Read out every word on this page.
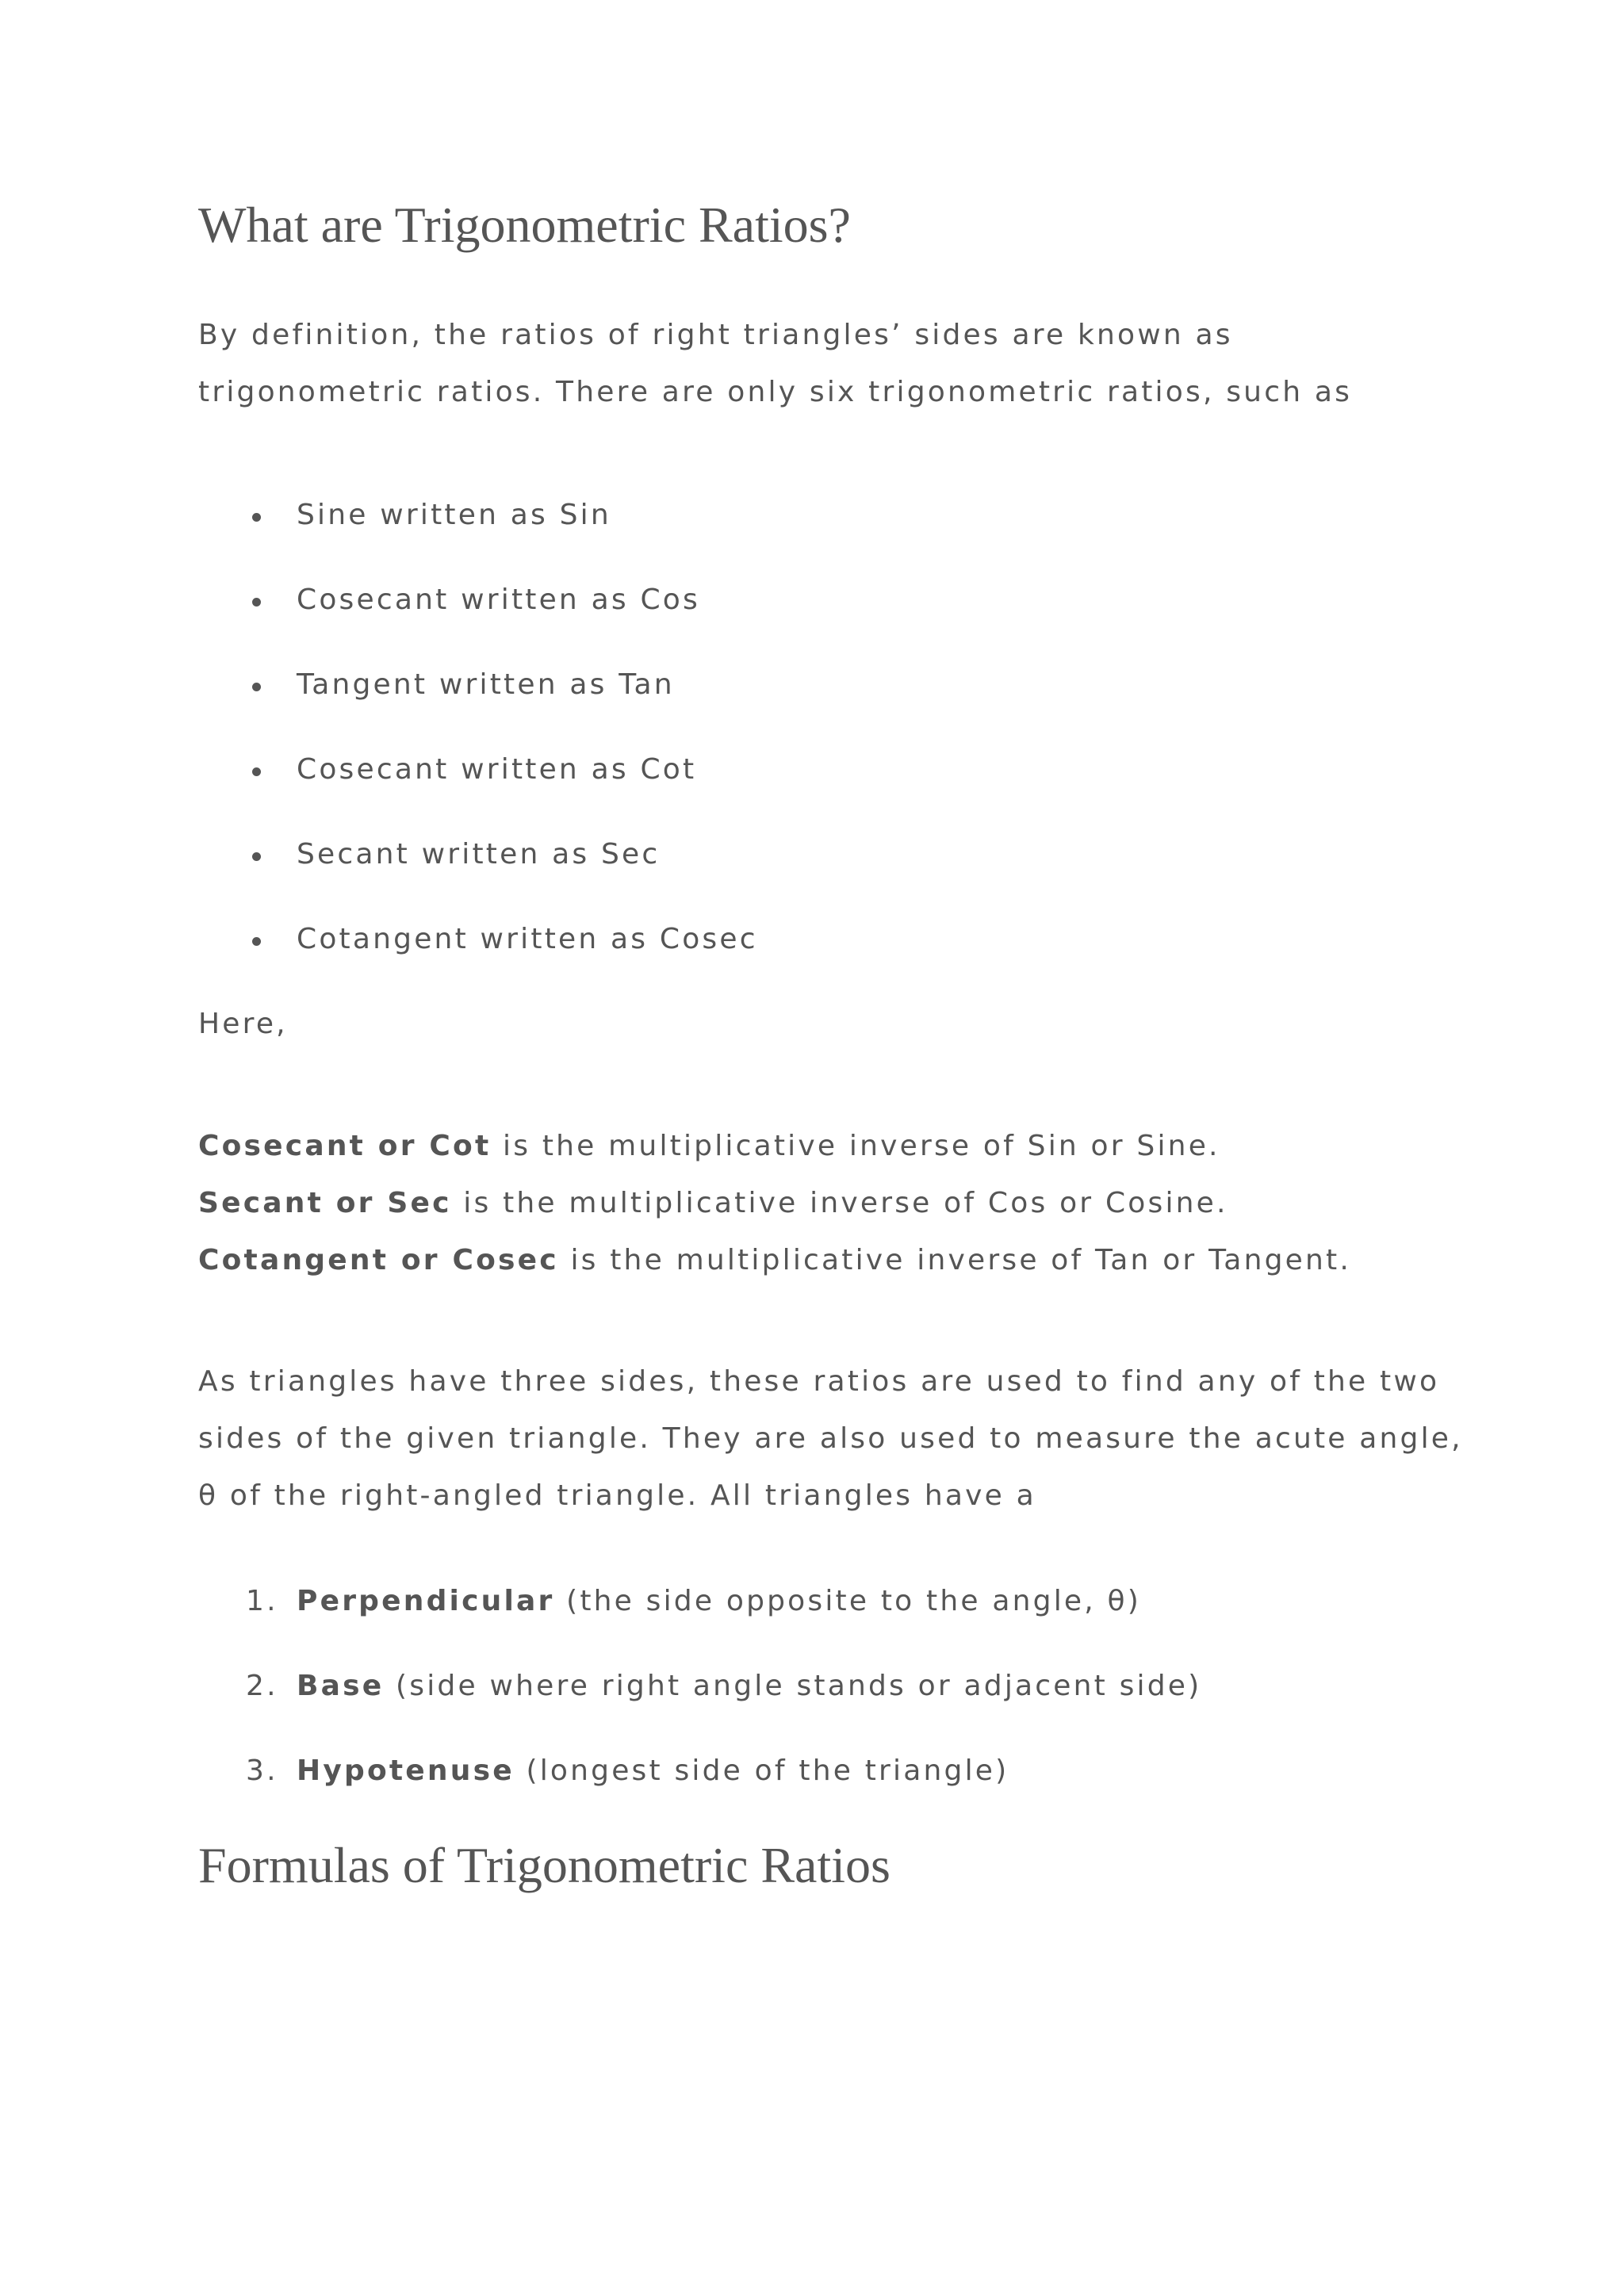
What are Trigonometric Ratios?

By definition, the ratios of right triangles’ sides are known as

trigonometric ratios. There are only six trigonometric ratios, such as

Sine written as Sin
Cosecant written as Cos
Tangent written as Tan
Cosecant written as Cot
Secant written as Sec
Cotangent written as Cosec

Here,

Cosecant or Cot is the multiplicative inverse of Sin or Sine.

Secant or Sec is the multiplicative inverse of Cos or Cosine.

Cotangent or Cosec is the multiplicative inverse of Tan or Tangent.

As triangles have three sides, these ratios are used to find any of the two

sides of the given triangle. They are also used to measure the acute angle,

θ of the right-angled triangle. All triangles have a

1. Perpendicular (the side opposite to the angle, θ)
2. Base (side where right angle stands or adjacent side)
3. Hypotenuse (longest side of the triangle)
Formulas of Trigonometric Ratios
